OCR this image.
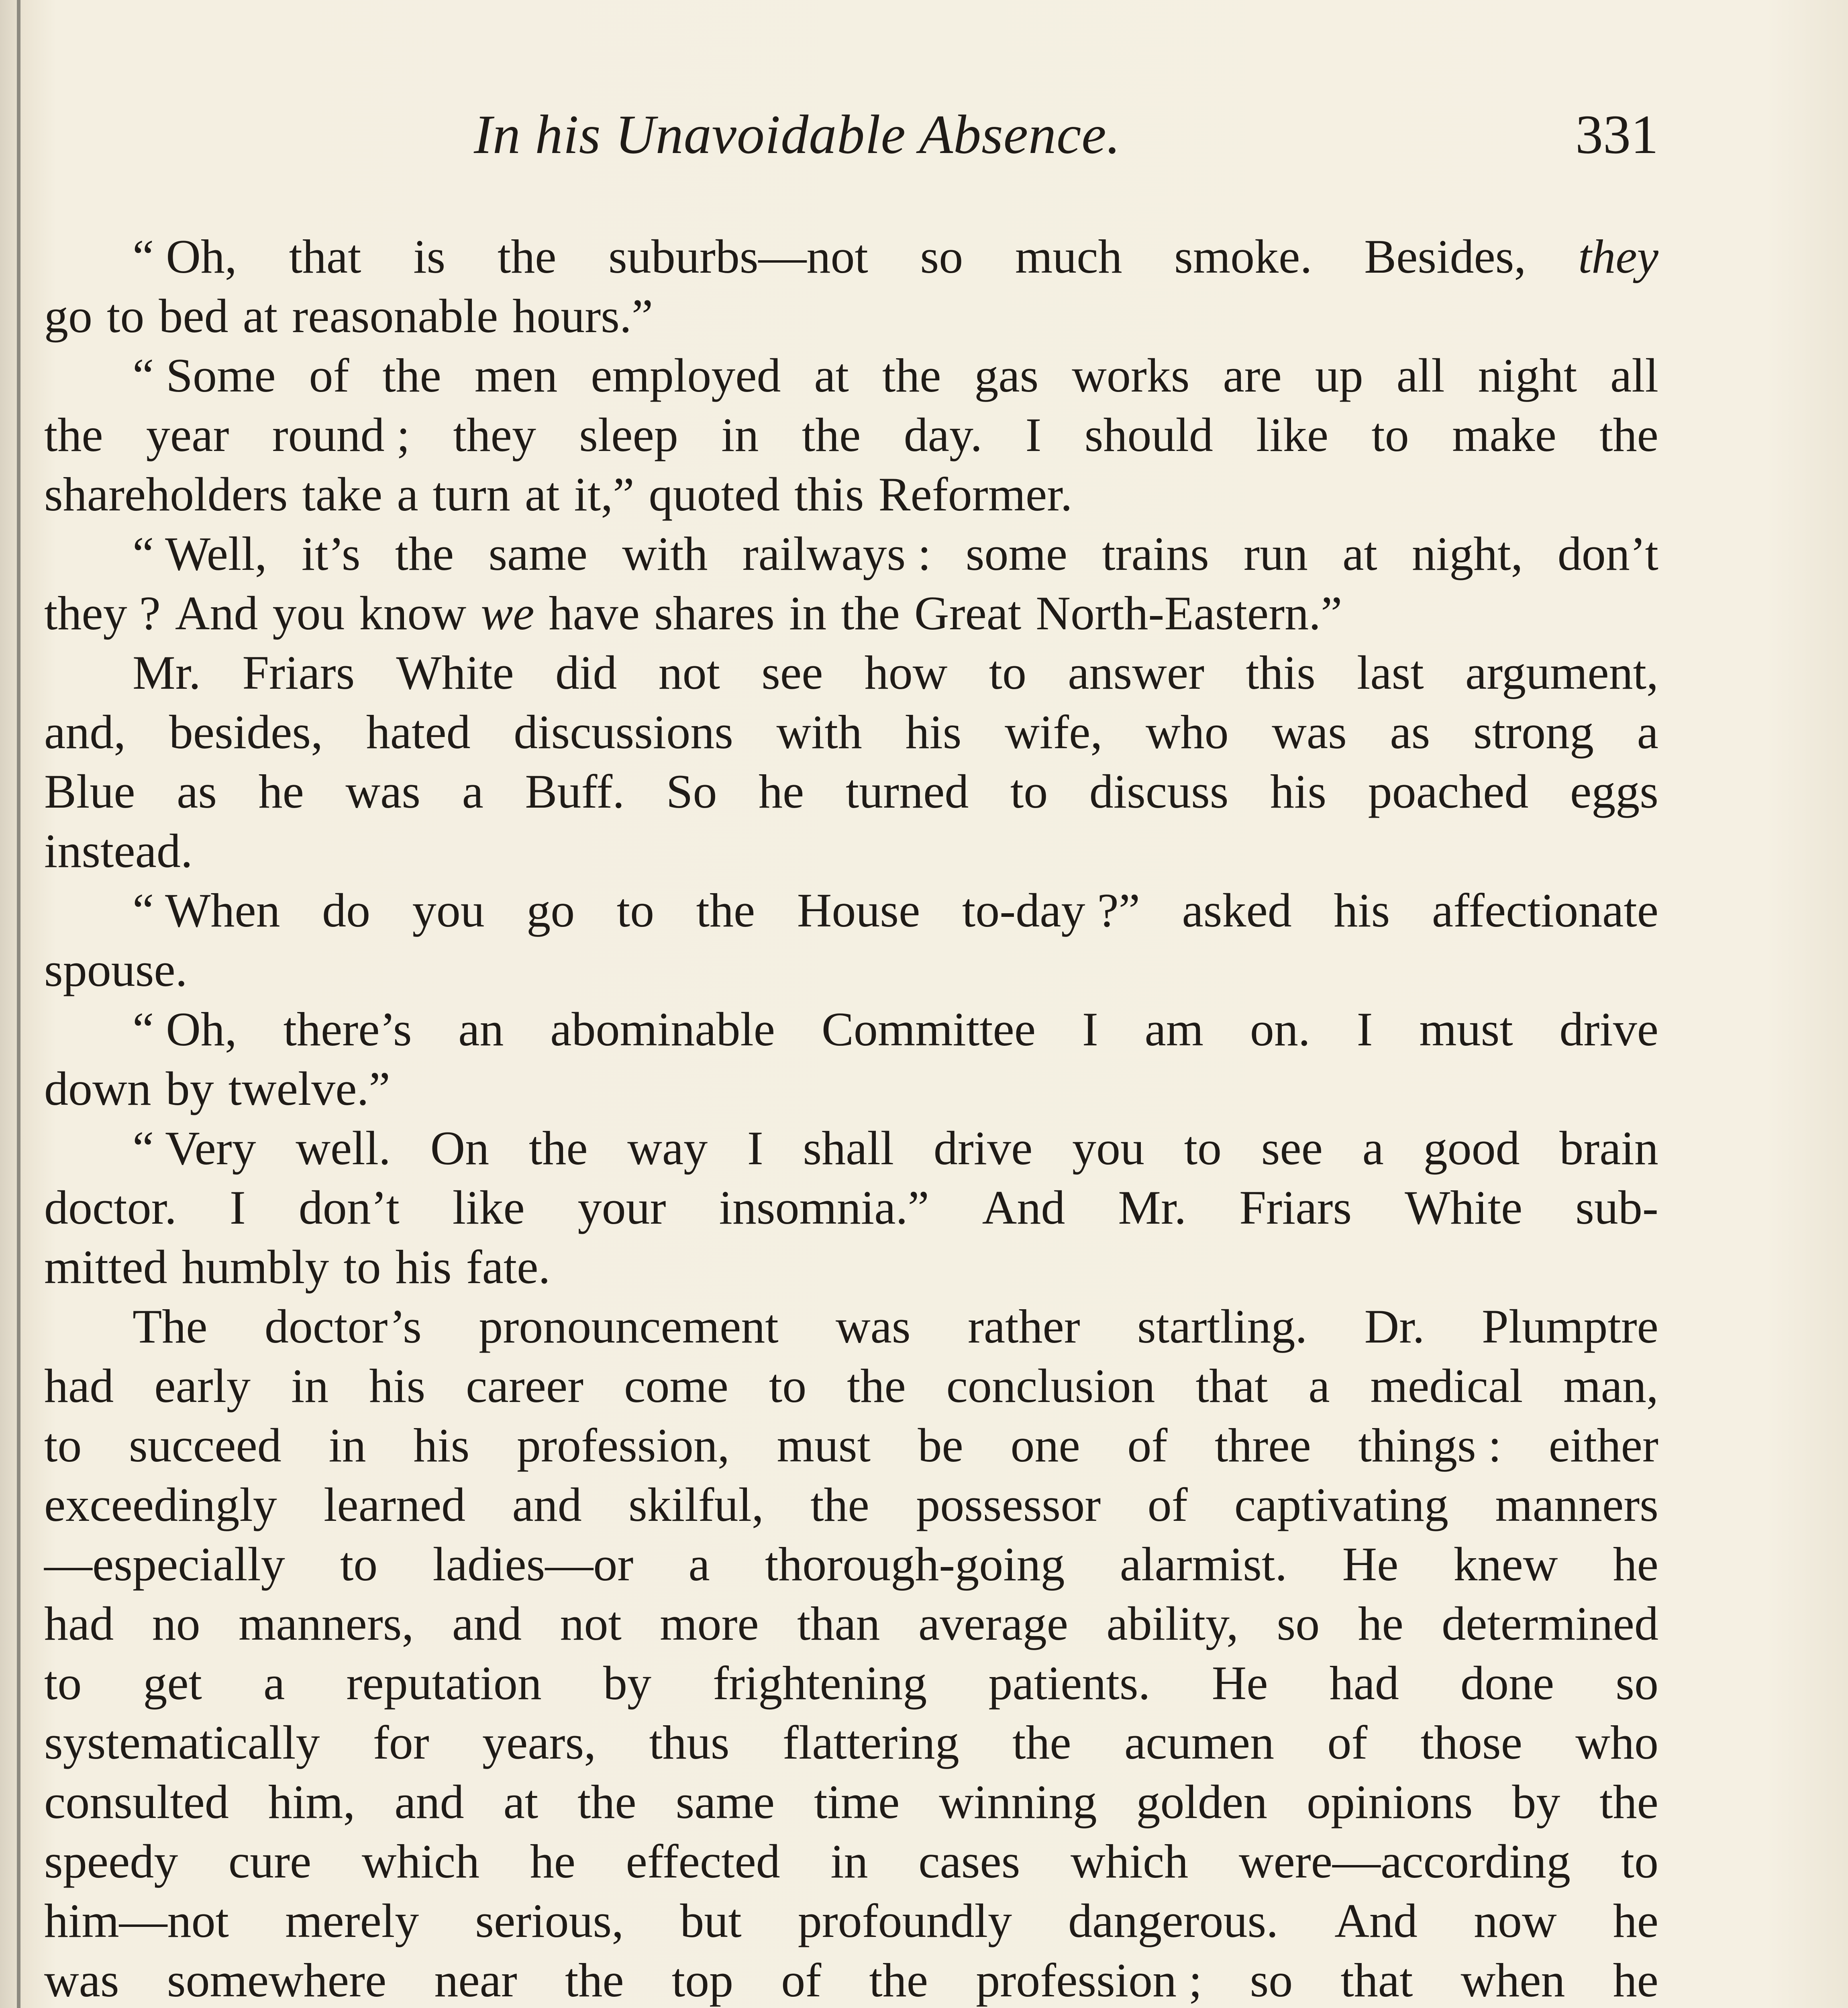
In his Unavoidable Absence.	331
“ Oh, that is the suburbs—not so much smoke. Besides, they
go to bed at reasonable hours.”
“ Some of the men employed at the gas works are up all night all
the year round ; they sleep in the day. I should like to make the
shareholders take a turn at it,” quoted this Reformer.
“ Well, it’s the same with railways : some trains run at night, don’t
they ? And you know we have shares in the Great North-Eastern.”
Mr. Friars White did not see how to answer this last argument,
and, besides, hated discussions with his wife, who was as strong a
Blue as he was a Buff. So he turned to discuss his poached eggs
instead.
“ When do you go to the House to-day ?” asked his affectionate
spouse.
“ Oh, there’s an abominable Committee I am on. I must drive
down by twelve.”
“ Very well. On the way I shall drive you to see a good brain
doctor. I don’t like your insomnia.” And Mr. Friars White sub-
mitted humbly to his fate.
The doctor’s pronouncement was rather startling. Dr. Plumptre
had early in his career come to the conclusion that a medical man,
to succeed in his profession, must be one of three things : either
exceedingly learned and skilful, the possessor of captivating manners
—especially to ladies—or a thorough-going alarmist. He knew he
had no manners, and not more than average ability, so he determined
to get a reputation by frightening patients. He had done so
systematically for years, thus flattering the acumen of those who
consulted him, and at the same time winning golden opinions by the
speedy cure which he effected in cases which were—according to
him—not merely serious, but profoundly dangerous. And now he
was somewhere near the top of the profession ; so that when he
